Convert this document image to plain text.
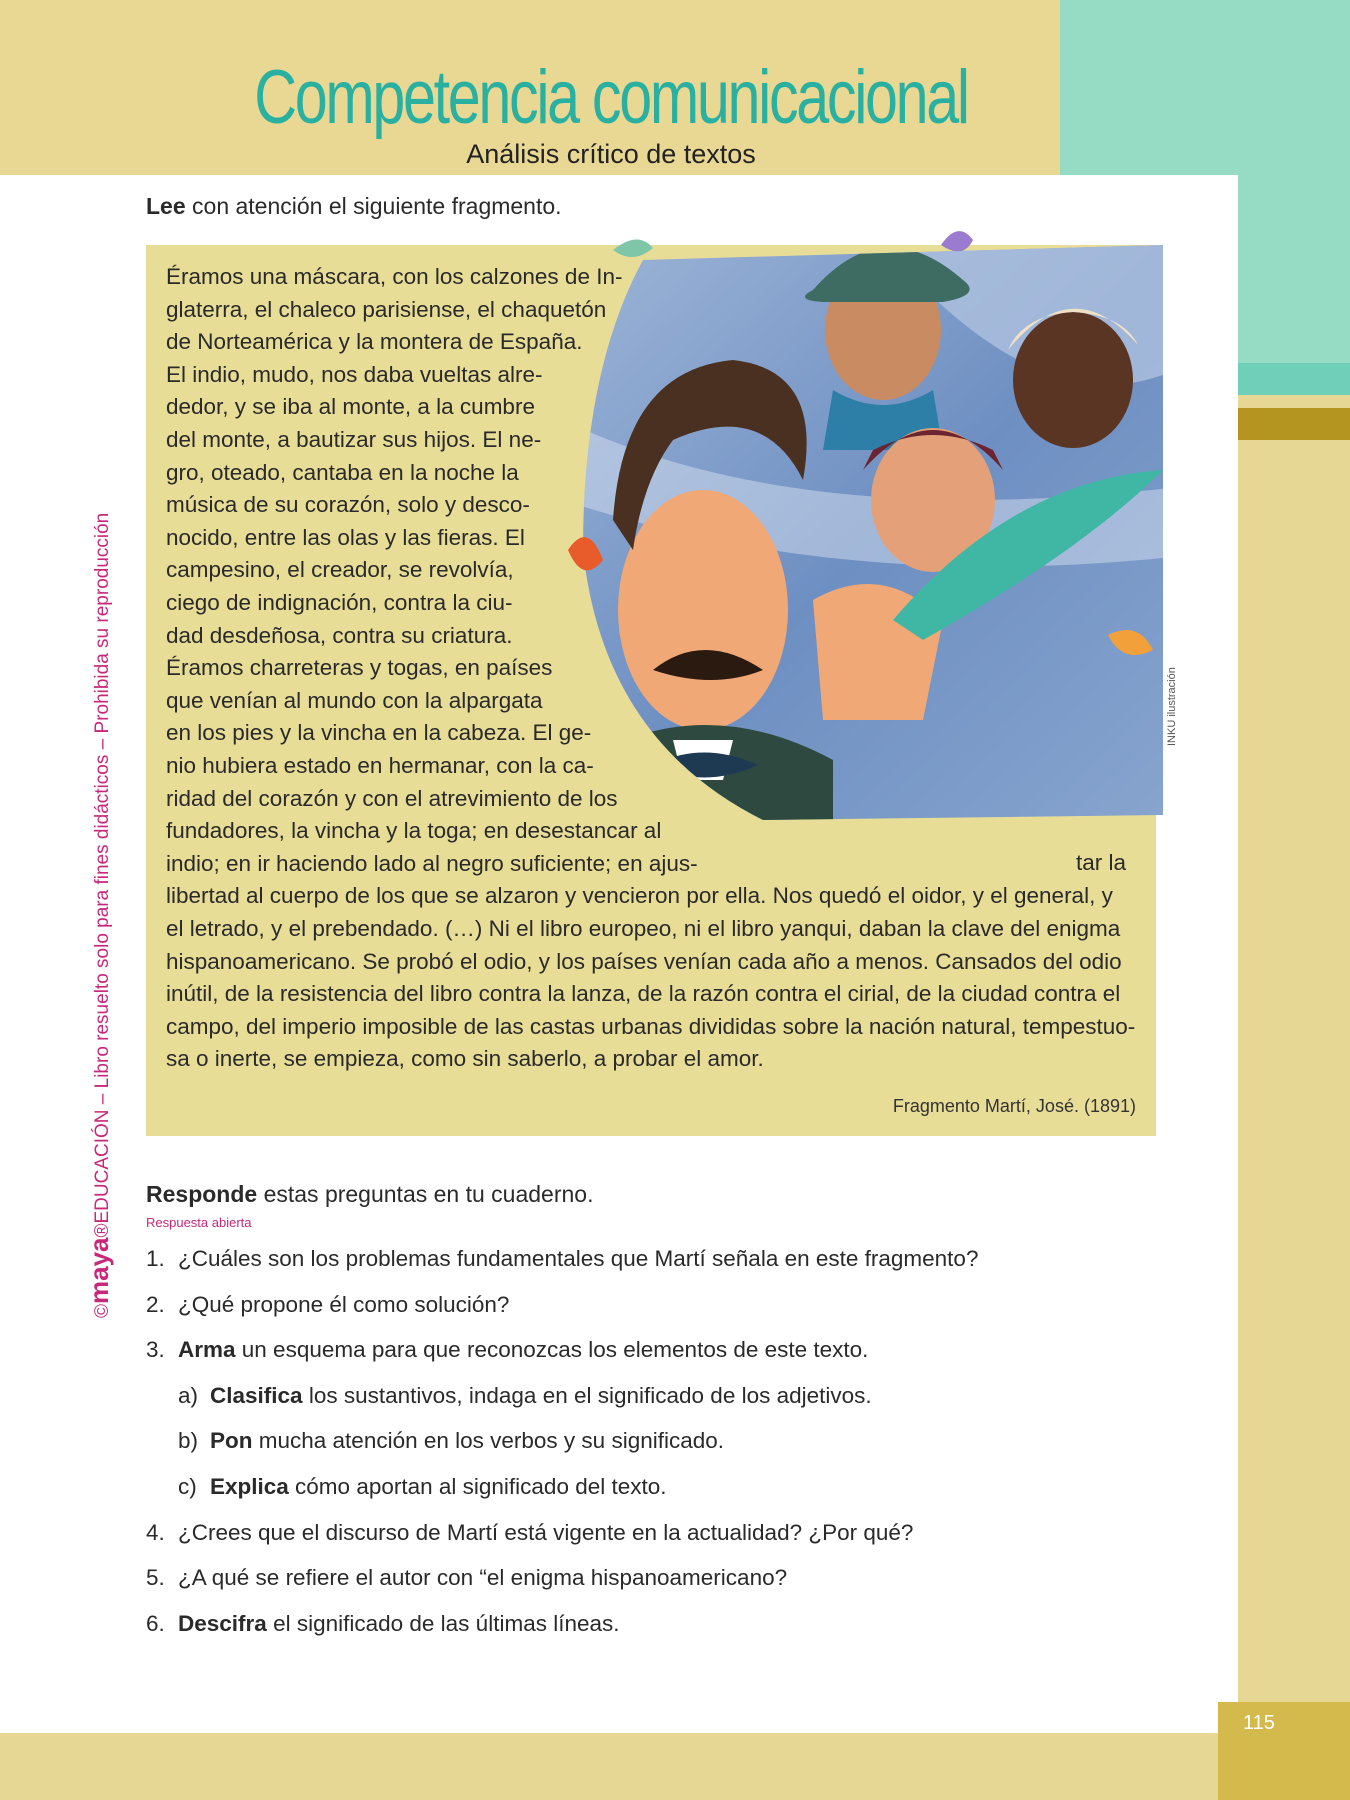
115
Competencia comunicacional
Análisis crítico de textos
©maya®EDUCACIÓN – Libro resuelto solo para fines didácticos – Prohibida su reproducción
Lee con atención el siguiente fragmento.
INKU ilustración
Éramos una máscara, con los calzones de In-
glaterra, el chaleco parisiense, el chaquetón
de Norteamérica y la montera de España.
El indio, mudo, nos daba vueltas alre-
dedor, y se iba al monte, a la cumbre
del monte, a bautizar sus hijos. El ne-
gro, oteado, cantaba en la noche la
música de su corazón, solo y desco-
nocido, entre las olas y las fieras. El
campesino, el creador, se revolvía,
ciego de indignación, contra la ciu-
dad desdeñosa, contra su criatura.
Éramos charreteras y togas, en países
que venían al mundo con la alpargata
en los pies y la vincha en la cabeza. El ge-
nio hubiera estado en hermanar, con la ca-
ridad del corazón y con el atrevimiento de los
fundadores, la vincha y la toga; en desestancar al
indio; en ir haciendo lado al negro suficiente; en ajus-
libertad al cuerpo de los que se alzaron y vencieron por ella. Nos quedó el oidor, y el general, y
el letrado, y el prebendado. (…) Ni el libro europeo, ni el libro yanqui, daban la clave del enigma
hispanoamericano. Se probó el odio, y los países venían cada año a menos. Cansados del odio
inútil, de la resistencia del libro contra la lanza, de la razón contra el cirial, de la ciudad contra el
campo, del imperio imposible de las castas urbanas divididas sobre la nación natural, tempestuo-
sa o inerte, se empieza, como sin saberlo, a probar el amor.
tar la
Fragmento Martí, José. (1891)
Responde estas preguntas en tu cuaderno.
Respuesta abierta
1. ¿Cuáles son los problemas fundamentales que Martí señala en este fragmento?
2. ¿Qué propone él como solución?
3. Arma un esquema para que reconozcas los elementos de este texto.
a) Clasifica los sustantivos, indaga en el significado de los adjetivos.
b) Pon mucha atención en los verbos y su significado.
c) Explica cómo aportan al significado del texto.
4. ¿Crees que el discurso de Martí está vigente en la actualidad? ¿Por qué?
5. ¿A qué se refiere el autor con “el enigma hispanoamericano?
6. Descifra el significado de las últimas líneas.
